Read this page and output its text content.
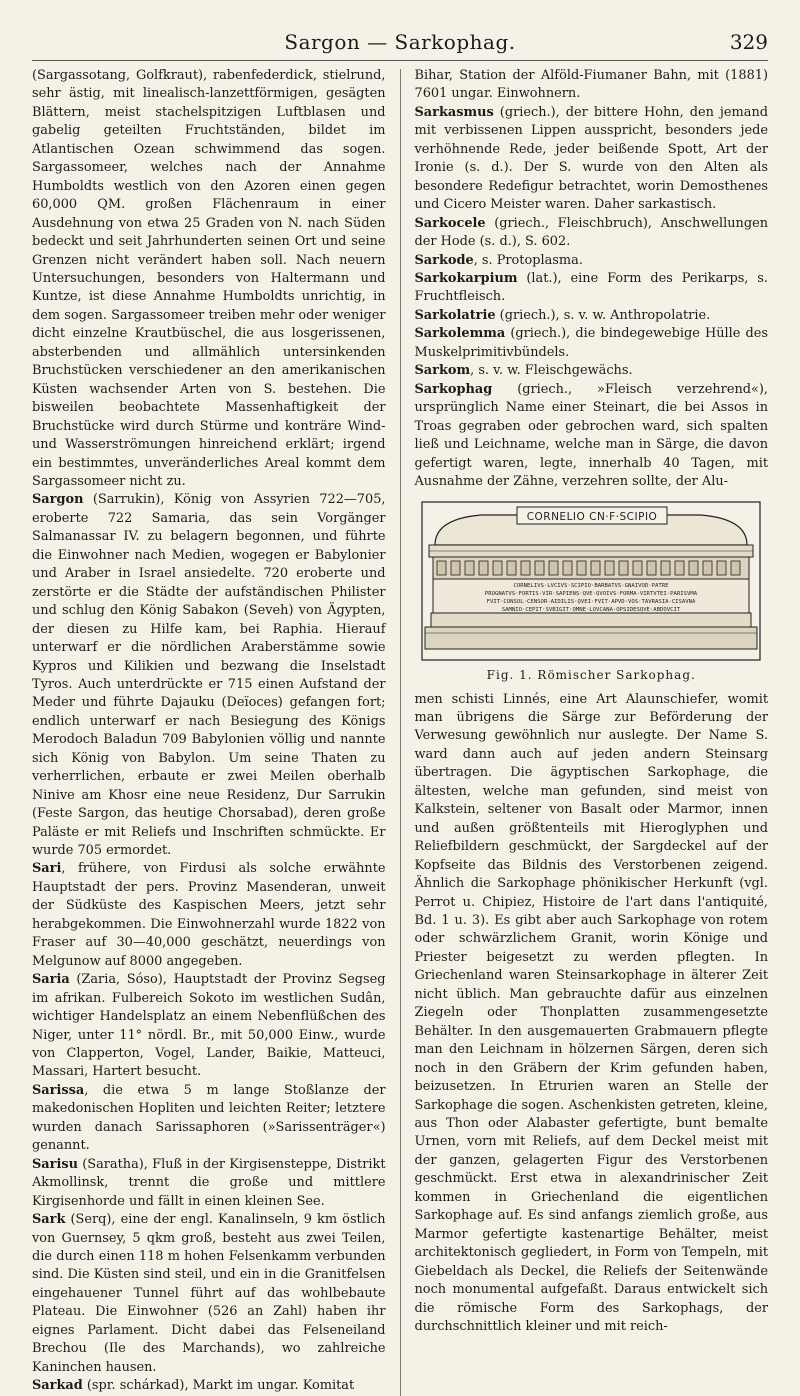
Sargon — Sarkophag.	329

(Sargassotang, Golfkraut), rabenfederdick, stielrund, sehr ästig, mit linealisch-lanzettförmigen, gesägten Blättern, meist stachelspitzigen Luftblasen und gabelig geteilten Fruchtständen, bildet im Atlantischen Ozean schwimmend das sogen. Sargassomeer, welches nach der Annahme Humboldts westlich von den Azoren einen gegen 60,000 QM. großen Flächenraum in einer Ausdehnung von etwa 25 Graden von N. nach Süden bedeckt und seit Jahrhunderten seinen Ort und seine Grenzen nicht verändert haben soll. Nach neuern Untersuchungen, besonders von Haltermann und Kuntze, ist diese Annahme Humboldts unrichtig, in dem sogen. Sargassomeer treiben mehr oder weniger dicht einzelne Krautbüschel, die aus losgerissenen, absterbenden und allmählich untersinkenden Bruchstücken verschiedener an den amerikanischen Küsten wachsender Arten von S. bestehen. Die bisweilen beobachtete Massenhaftigkeit der Bruchstücke wird durch Stürme und konträre Wind- und Wasserströmungen hinreichend erklärt; irgend ein bestimmtes, unveränderliches Areal kommt dem Sargassomeer nicht zu.

Sargon (Sarrukin), König von Assyrien 722—705, eroberte 722 Samaria, das sein Vorgänger Salmanassar IV. zu belagern begonnen, und führte die Einwohner nach Medien, wogegen er Babylonier und Araber in Israel ansiedelte. 720 eroberte und zerstörte er die Städte der aufständischen Philister und schlug den König Sabakon (Seveh) von Ägypten, der diesen zu Hilfe kam, bei Raphia. Hierauf unterwarf er die nördlichen Araberstämme sowie Kypros und Kilikien und bezwang die Inselstadt Tyros. Auch unterdrückte er 715 einen Aufstand der Meder und führte Dajauku (Deïoces) gefangen fort; endlich unterwarf er nach Besiegung des Königs Merodoch Baladun 709 Babylonien völlig und nannte sich König von Babylon. Um seine Thaten zu verherrlichen, erbaute er zwei Meilen oberhalb Ninive am Khosr eine neue Residenz, Dur Sarrukin (Feste Sargon, das heutige Chorsabad), deren große Paläste er mit Reliefs und Inschriften schmückte. Er wurde 705 ermordet.

Sari, frühere, von Firdusi als solche erwähnte Hauptstadt der pers. Provinz Masenderan, unweit der Südküste des Kaspischen Meers, jetzt sehr herabgekommen. Die Einwohnerzahl wurde 1822 von Fraser auf 30—40,000 geschätzt, neuerdings von Melgunow auf 8000 angegeben.

Saria (Zaria, Sóso), Hauptstadt der Provinz Segseg im afrikan. Fulbereich Sokoto im westlichen Sudân, wichtiger Handelsplatz an einem Nebenflüßchen des Niger, unter 11° nördl. Br., mit 50,000 Einw., wurde von Clapperton, Vogel, Lander, Baikie, Matteuci, Massari, Hartert besucht.

Sarissa, die etwa 5 m lange Stoßlanze der makedonischen Hopliten und leichten Reiter; letztere wurden danach Sarissaphoren (»Sarissenträger«) genannt.

Sarisu (Saratha), Fluß in der Kirgisensteppe, Distrikt Akmollinsk, trennt die große und mittlere Kirgisenhorde und fällt in einen kleinen See.

Sark (Serq), eine der engl. Kanalinseln, 9 km östlich von Guernsey, 5 qkm groß, besteht aus zwei Teilen, die durch einen 118 m hohen Felsenkamm verbunden sind. Die Küsten sind steil, und ein in die Granitfelsen eingehauener Tunnel führt auf das wohlbebaute Plateau. Die Einwohner (526 an Zahl) haben ihr eignes Parlament. Dicht dabei das Felseneiland Brechou (Ile des Marchands), wo zahlreiche Kaninchen hausen.

Sarkad (spr. schárkad), Markt im ungar. Komitat

Bihar, Station der Alföld-Fiumaner Bahn, mit (1881) 7601 ungar. Einwohnern.

Sarkasmus (griech.), der bittere Hohn, den jemand mit verbissenen Lippen ausspricht, besonders jede verhöhnende Rede, jeder beißende Spott, Art der Ironie (s. d.). Der S. wurde von den Alten als besondere Redefigur betrachtet, worin Demosthenes und Cicero Meister waren. Daher sarkastisch.

Sarkocele (griech., Fleischbruch), Anschwellungen der Hode (s. d.), S. 602.

Sarkode, s. Protoplasma.

Sarkokarpium (lat.), eine Form des Perikarps, s. Fruchtfleisch.

Sarkolatrie (griech.), s. v. w. Anthropolatrie.

Sarkolemma (griech.), die bindegewebige Hülle des Muskelprimitivbündels.

Sarkom, s. v. w. Fleischgewächs.

Sarkophag (griech., »Fleisch verzehrend«), ursprünglich Name einer Steinart, die bei Assos in Troas gegraben oder gebrochen ward, sich spalten ließ und Leichname, welche man in Särge, die davon gefertigt waren, legte, innerhalb 40 Tagen, mit Ausnahme der Zähne, verzehren sollte, der Alu-

CORNELIO CN·F·SCIPIO
CORNELIVS·LVCIVS·SCIPIO·BARBATVS·GNAIVOD·PATRE
PROGNATVS·FORTIS·VIR·SAPIENS·QVE·QVOIVS·FORMA·VIRTVTEI·PARISVMA
FVIT·CONSOL·CENSOR·AIDILIS·QVEI·FVIT·APVD·VOS·TAVRASIA·CISAVNA
SAMNIO·CEPIT·SVBIGIT·OMNE·LOVCANA·OPSIDESQVE·ABDOVCIT
Fig. 1. Römischer Sarkophag.

men schisti Linnés, eine Art Alaunschiefer, womit man übrigens die Särge zur Beförderung der Verwesung gewöhnlich nur auslegte. Der Name S. ward dann auch auf jeden andern Steinsarg übertragen. Die ägyptischen Sarkophage, die ältesten, welche man gefunden, sind meist von Kalkstein, seltener von Basalt oder Marmor, innen und außen größtenteils mit Hieroglyphen und Reliefbildern geschmückt, der Sargdeckel auf der Kopfseite das Bildnis des Verstorbenen zeigend. Ähnlich die Sarkophage phönikischer Herkunft (vgl. Perrot u. Chipiez, Histoire de l'art dans l'antiquité, Bd. 1 u. 3). Es gibt aber auch Sarkophage von rotem oder schwärzlichem Granit, worin Könige und Priester beigesetzt zu werden pflegten. In Griechenland waren Steinsarkophage in älterer Zeit nicht üblich. Man gebrauchte dafür aus einzelnen Ziegeln oder Thonplatten zusammengesetzte Behälter. In den ausgemauerten Grabmauern pflegte man den Leichnam in hölzernen Särgen, deren sich noch in den Gräbern der Krim gefunden haben, beizusetzen. In Etrurien waren an Stelle der Sarkophage die sogen. Aschenkisten getreten, kleine, aus Thon oder Alabaster gefertigte, bunt bemalte Urnen, vorn mit Reliefs, auf dem Deckel meist mit der ganzen, gelagerten Figur des Verstorbenen geschmückt. Erst etwa in alexandrinischer Zeit kommen in Griechenland die eigentlichen Sarkophage auf. Es sind anfangs ziemlich große, aus Marmor gefertigte kastenartige Behälter, meist architektonisch gegliedert, in Form von Tempeln, mit Giebeldach als Deckel, die Reliefs der Seitenwände noch monumental aufgefaßt. Daraus entwickelt sich die römische Form des Sarkophags, der durchschnittlich kleiner und mit reich-
